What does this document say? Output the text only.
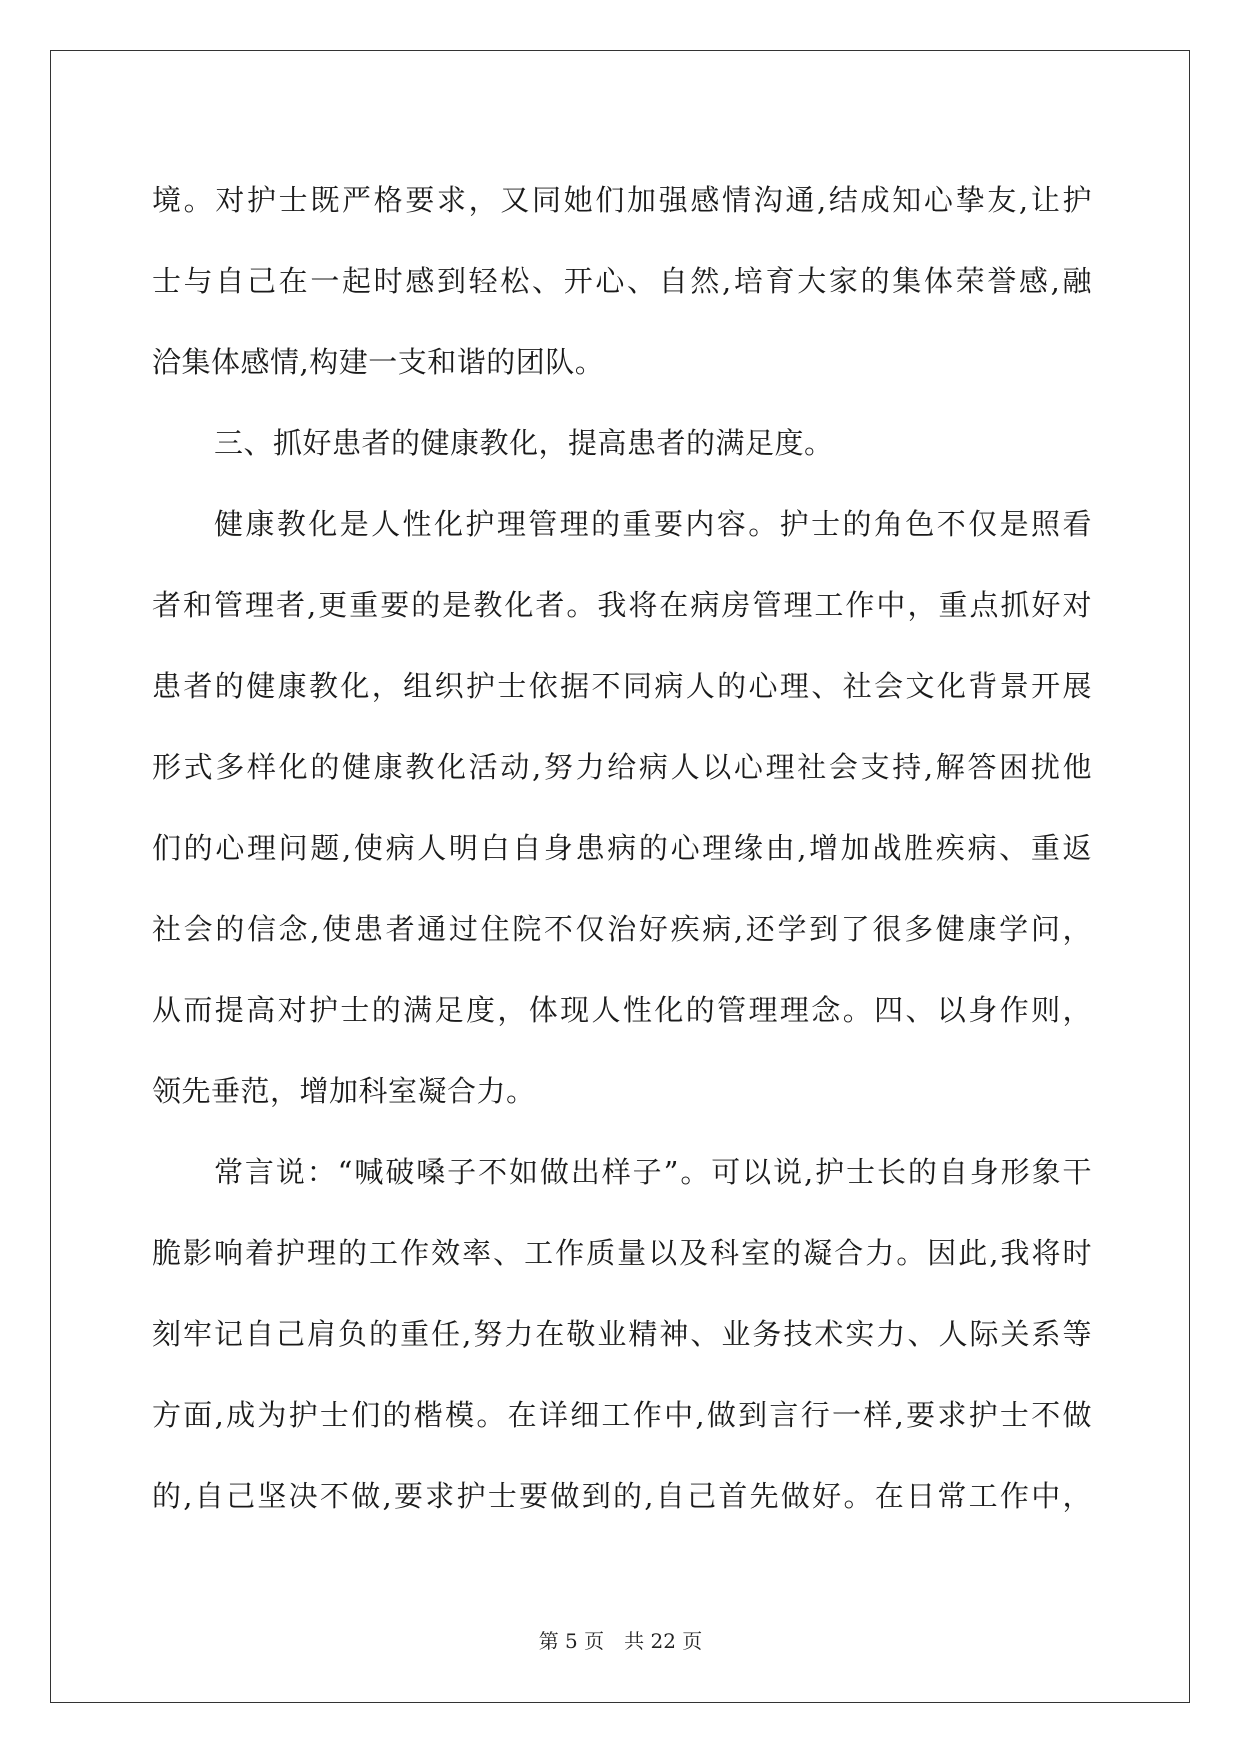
境。对护士既严格要求，又同她们加强感情沟通,结成知心挚友,让护
士与自己在一起时感到轻松、开心、自然,培育大家的集体荣誉感,融
洽集体感情,构建一支和谐的团队。
三、抓好患者的健康教化，提高患者的满足度。
健康教化是人性化护理管理的重要内容。护士的角色不仅是照看
者和管理者,更重要的是教化者。我将在病房管理工作中，重点抓好对
患者的健康教化，组织护士依据不同病人的心理、社会文化背景开展
形式多样化的健康教化活动,努力给病人以心理社会支持,解答困扰他
们的心理问题,使病人明白自身患病的心理缘由,增加战胜疾病、重返
社会的信念,使患者通过住院不仅治好疾病,还学到了很多健康学问，
从而提高对护士的满足度，体现人性化的管理理念。四、以身作则，
领先垂范，增加科室凝合力。
常言说：“喊破嗓子不如做出样子”。可以说,护士长的自身形象干
脆影响着护理的工作效率、工作质量以及科室的凝合力。因此,我将时
刻牢记自己肩负的重任,努力在敬业精神、业务技术实力、人际关系等
方面,成为护士们的楷模。在详细工作中,做到言行一样,要求护士不做
的,自己坚决不做,要求护士要做到的,自己首先做好。在日常工作中，
第 5 页　共 22 页
